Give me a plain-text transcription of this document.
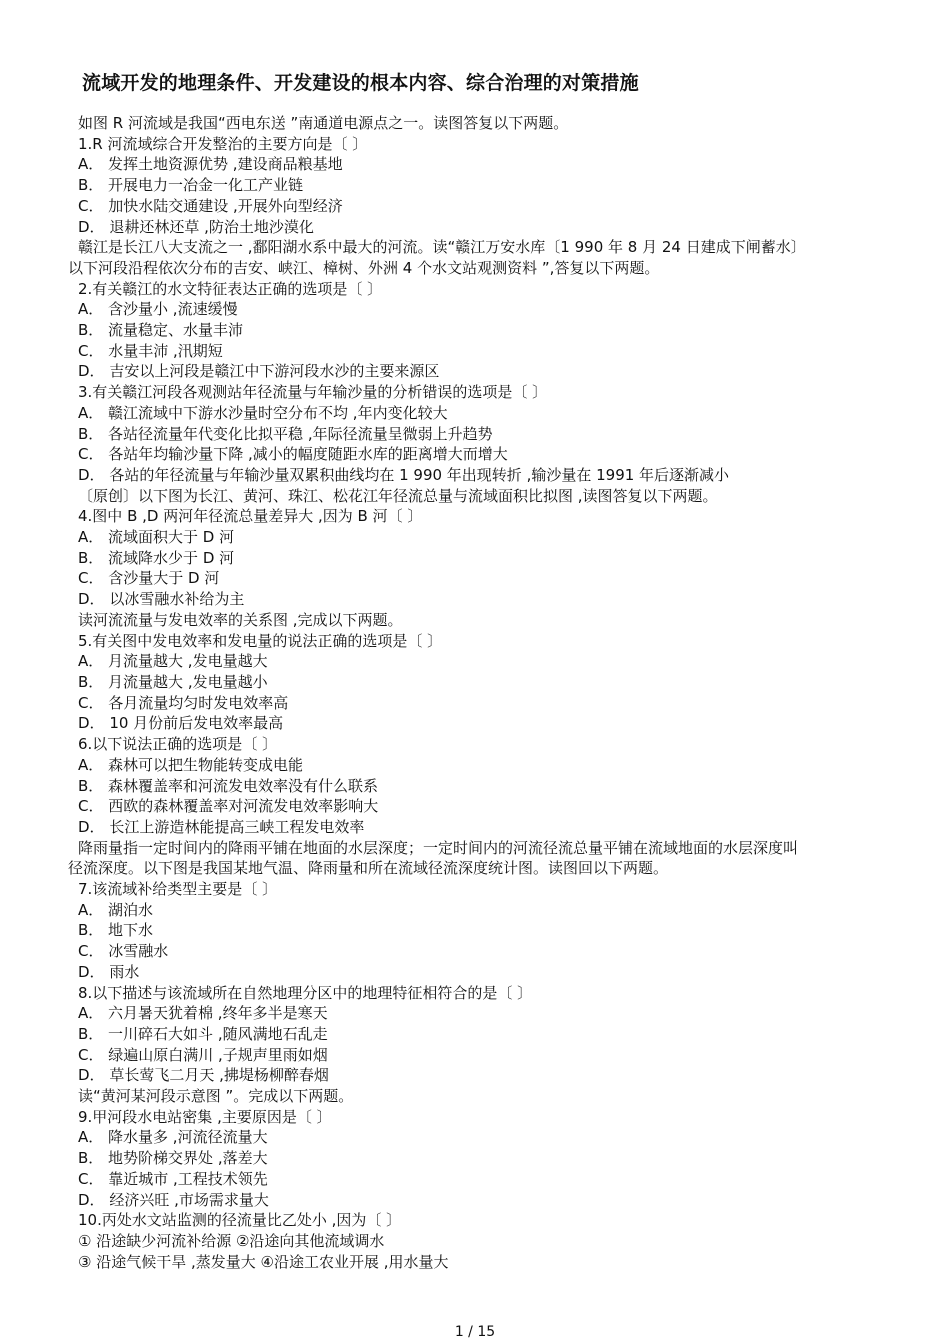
流域开发的地理条件、开发建设的根本内容、综合治理的对策措施
如图 R 河流域是我国“西电东送 ”南通道电源点之一。读图答复以下两题。
1.R 河流域综合开发整治的主要方向是〔 〕
A． 发挥土地资源优势 ,建设商品粮基地
B． 开展电力一冶金一化工产业链
C． 加快水陆交通建设 ,开展外向型经济
D． 退耕还林还草 ,防治土地沙漠化
赣江是长江八大支流之一 ,鄱阳湖水系中最大的河流。读“赣江万安水库〔1 990 年 8 月 24 日建成下闸蓄水〕
以下河段沿程依次分布的吉安、峡江、樟树、外洲 4 个水文站观测资料 ”,答复以下两题。
2.有关赣江的水文特征表达正确的选项是〔 〕
A． 含沙量小 ,流速缓慢
B． 流量稳定、水量丰沛
C． 水量丰沛 ,汛期短
D． 吉安以上河段是赣江中下游河段水沙的主要来源区
3.有关赣江河段各观测站年径流量与年输沙量的分析错误的选项是〔 〕
A． 赣江流域中下游水沙量时空分布不均 ,年内变化较大
B． 各站径流量年代变化比拟平稳 ,年际径流量呈微弱上升趋势
C． 各站年均输沙量下降 ,减小的幅度随距水库的距离增大而增大
D． 各站的年径流量与年输沙量双累积曲线均在 1 990 年出现转折 ,输沙量在 1991 年后逐渐减小
〔原创〕以下图为长江、黄河、珠江、松花江年径流总量与流域面积比拟图 ,读图答复以下两题。
4.图中 B ,D 两河年径流总量差异大 ,因为 B 河〔 〕
A． 流域面积大于 D 河
B． 流域降水少于 D 河
C． 含沙量大于 D 河
D． 以冰雪融水补给为主
读河流流量与发电效率的关系图 ,完成以下两题。
5.有关图中发电效率和发电量的说法正确的选项是〔 〕
A． 月流量越大 ,发电量越大
B． 月流量越大 ,发电量越小
C． 各月流量均匀时发电效率高
D． 10 月份前后发电效率最高
6.以下说法正确的选项是〔 〕
A． 森林可以把生物能转变成电能
B． 森林覆盖率和河流发电效率没有什么联系
C． 西欧的森林覆盖率对河流发电效率影响大
D． 长江上游造林能提高三峡工程发电效率
降雨量指一定时间内的降雨平铺在地面的水层深度；一定时间内的河流径流总量平铺在流域地面的水层深度叫
径流深度。以下图是我国某地气温、降雨量和所在流域径流深度统计图。读图回以下两题。
7.该流域补给类型主要是〔 〕
A． 湖泊水
B． 地下水
C． 冰雪融水
D． 雨水
8.以下描述与该流域所在自然地理分区中的地理特征相符合的是〔 〕
A． 六月暑天犹着棉 ,终年多半是寒天
B． 一川碎石大如斗 ,随风满地石乱走
C． 绿遍山原白满川 ,子规声里雨如烟
D． 草长莺飞二月天 ,拂堤杨柳醉春烟
读“黄河某河段示意图 ”。完成以下两题。
9.甲河段水电站密集 ,主要原因是〔 〕
A． 降水量多 ,河流径流量大
B． 地势阶梯交界处 ,落差大
C． 靠近城市 ,工程技术领先
D． 经济兴旺 ,市场需求量大
10.丙处水文站监测的径流量比乙处小 ,因为〔 〕
① 沿途缺少河流补给源 ②沿途向其他流域调水
③ 沿途气候干旱 ,蒸发量大 ④沿途工农业开展 ,用水量大
1 / 15
